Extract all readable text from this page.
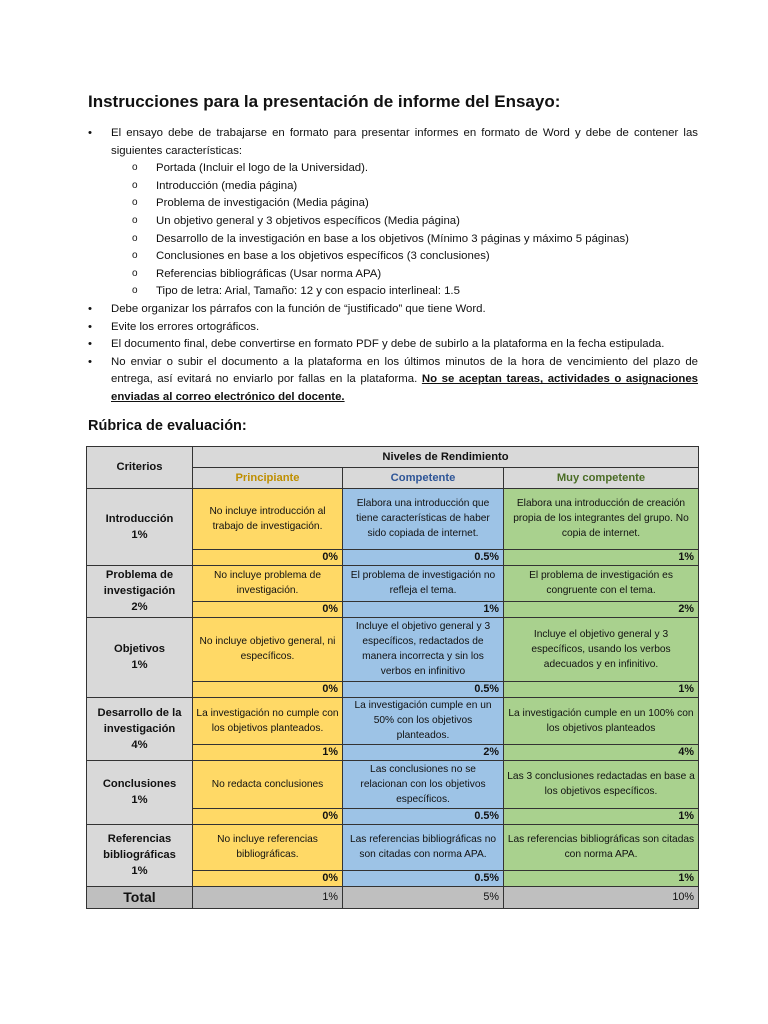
Instrucciones para la presentación de informe del Ensayo:
• El ensayo debe de trabajarse en formato para presentar informes en formato de Word y debe de contener las siguientes características:
o Portada (Incluir el logo de la Universidad).
o Introducción (media página)
o Problema de investigación (Media página)
o Un objetivo general y 3 objetivos específicos (Media página)
o Desarrollo de la investigación en base a los objetivos (Mínimo 3 páginas y máximo 5 páginas)
o Conclusiones en base a los objetivos específicos (3 conclusiones)
o Referencias bibliográficas (Usar norma APA)
o Tipo de letra: Arial, Tamaño: 12 y con espacio interlineal: 1.5
• Debe organizar los párrafos con la función de “justificado” que tiene Word.
• Evite los errores ortográficos.
• El documento final, debe convertirse en formato PDF y debe de subirlo a la plataforma en la fecha estipulada.
• No enviar o subir el documento a la plataforma en los últimos minutos de la hora de vencimiento del plazo de entrega, así evitará no enviarlo por fallas en la plataforma. No se aceptan tareas, actividades o asignaciones enviadas al correo electrónico del docente.
Rúbrica de evaluación:
Criterios	Niveles de Rendimiento		
	Principiante	Competente	Muy competente

Introducción
1%	No incluye introducción al trabajo de investigación.	Elabora una introducción que tiene características de haber sido copiada de internet.	Elabora una introducción de creación propia de los integrantes del grupo. No copia de internet.
	0%	0.5%	1%

Problema de investigación
2%	No incluye problema de investigación.	El problema de investigación no refleja el tema.	El problema de investigación es congruente con el tema.
	0%	1%	2%

Objetivos
1%	No incluye objetivo general, ni específicos.	Incluye el objetivo general y 3 específicos, redactados de manera incorrecta y sin los verbos en infinitivo	Incluye el objetivo general y 3 específicos, usando los verbos adecuados y en infinitivo.
	0%	0.5%	1%

Desarrollo de la investigación
4%	La investigación no cumple con los objetivos planteados.	La investigación cumple en un 50% con los objetivos planteados.	La investigación cumple en un 100% con los objetivos planteados
	1%	2%	4%

Conclusiones
1%	No redacta conclusiones	Las conclusiones no se relacionan con los objetivos específicos.	Las 3 conclusiones redactadas en base a los objetivos específicos.
	0%	0.5%	1%

Referencias bibliográficas
1%	No incluye referencias bibliográficas.	Las referencias bibliográficas no son citadas con norma APA.	Las referencias bibliográficas son citadas con norma APA.
	0%	0.5%	1%
Total	1%	5%	10%
